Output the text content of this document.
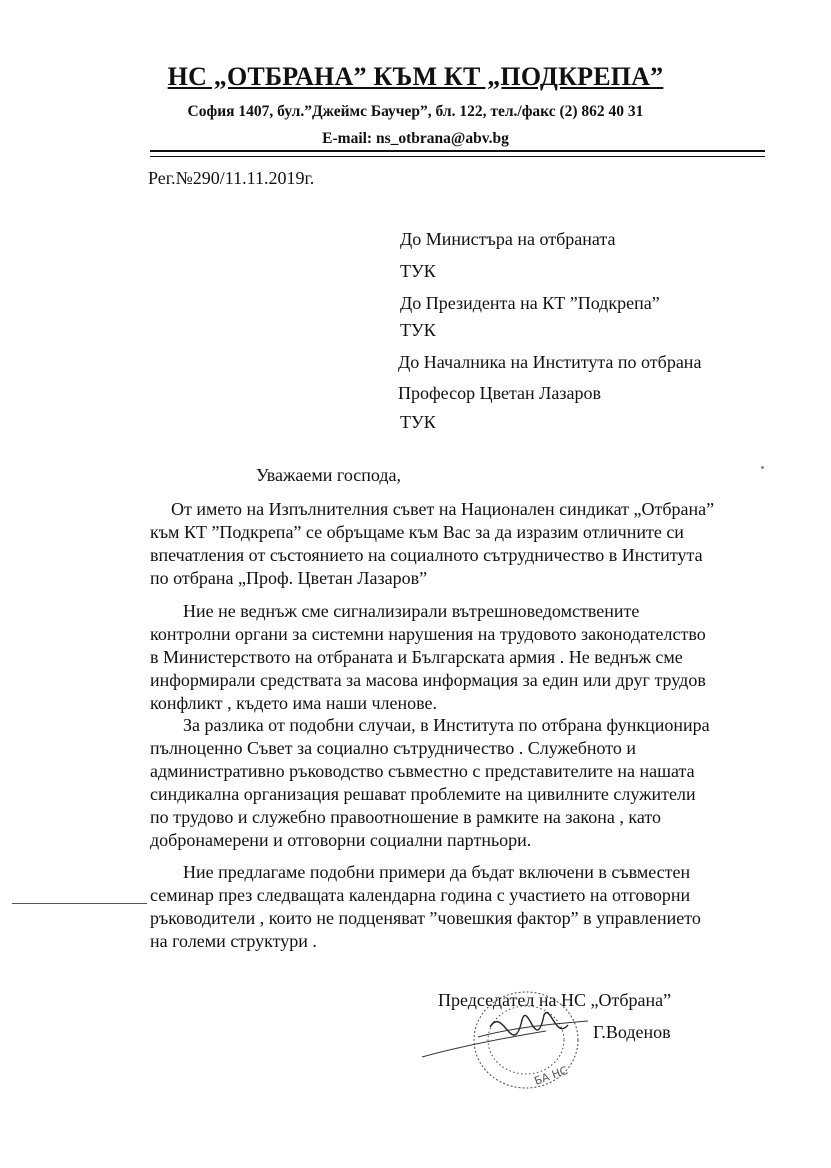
НС „ОТБРАНА” КЪМ КТ „ПОДКРЕПА”
София 1407, бул.”Джеймс Баучер”, бл. 122, тел./факс (2) 862 40 31
E-mail: ns_otbrana@abv.bg
Рег.№290/11.11.2019г.
До Министъра на отбраната
ТУК
До Президента на КТ ”Подкрепа”
ТУК
До Началника на Института по отбрана
Професор Цветан Лазаров
ТУК
Уважаеми господа,
От името на Изпълнителния съвет на Национален синдикат „Отбрана”
към КТ ”Подкрепа” се обръщаме към Вас за да изразим отличните си
впечатления от състоянието на социалното сътрудничество в Института
по отбрана „Проф. Цветан Лазаров”
Ние не веднъж сме сигнализирали вътрешноведомствените
контролни органи за системни нарушения на трудовото законодателство
в Министерството на отбраната и Българската армия . Не веднъж сме
информирали средствата за масова информация за един или друг трудов
конфликт , където има наши членове.
За разлика от подобни случаи, в Института по отбрана функционира
пълноценно Съвет за социално сътрудничество . Служебното и
административно ръководство съвместно с представителите на нашата
синдикална организация решават проблемите на цивилните служители
по трудово и служебно правоотношение в рамките на закона , като
добронамерени и отговорни социални партньори.
Ние предлагаме подобни примери да бъдат включени в съвместен
семинар през следващата календарна година с участието на отговорни
ръководители , които не подценяват ”човешкия фактор” в управлението
на големи структури .
БА НС
Председател на НС „Отбрана”
Г.Воденов
